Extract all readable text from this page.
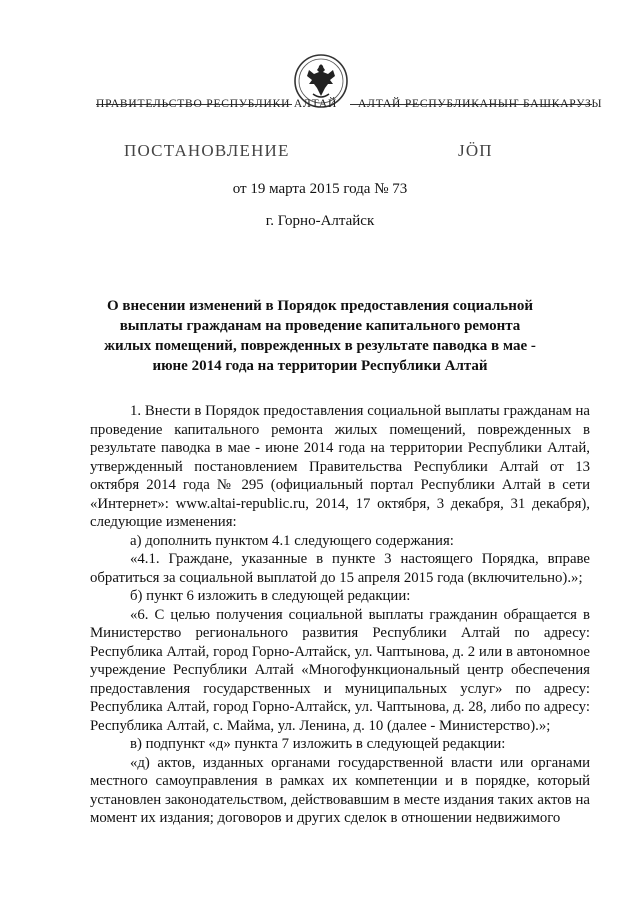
ПРАВИТЕЛЬСТВО РЕСПУБЛИКИ АЛТАЙ АЛТАЙ РЕСПУБЛИКАНЫҤ БАШКАРУЗЫ
ПОСТАНОВЛЕНИЕ	ЈÖП
от 19 марта 2015 года № 73
г. Горно-Алтайск
О внесении изменений в Порядок предоставления социальной выплаты гражданам на проведение капитального ремонта жилых помещений, поврежденных в результате паводка в мае - июне 2014 года на территории Республики Алтай

1. Внести в Порядок предоставления социальной выплаты гражданам на проведение капитального ремонта жилых помещений, поврежденных в результате паводка в мае - июне 2014 года на территории Республики Алтай, утвержденный постановлением Правительства Республики Алтай от 13 октября 2014 года № 295 (официальный портал Республики Алтай в сети «Интернет»: www.altai-republic.ru, 2014, 17 октября, 3 декабря, 31 декабря), следующие изменения:

а) дополнить пунктом 4.1 следующего содержания:

«4.1. Граждане, указанные в пункте 3 настоящего Порядка, вправе обратиться за социальной выплатой до 15 апреля 2015 года (включительно).»;

б) пункт 6 изложить в следующей редакции:

«6. С целью получения социальной выплаты гражданин обращается в Министерство регионального развития Республики Алтай по адресу: Республика Алтай, город Горно-Алтайск, ул. Чаптынова, д. 2 или в автономное учреждение Республики Алтай «Многофункциональный центр обеспечения предоставления государственных и муниципальных услуг» по адресу: Республика Алтай, город Горно-Алтайск, ул. Чаптынова, д. 28, либо по адресу: Республика Алтай, с. Майма, ул. Ленина, д. 10 (далее - Министерство).»;

в) подпункт «д» пункта 7 изложить в следующей редакции:

«д) актов, изданных органами государственной власти или органами местного самоуправления в рамках их компетенции и в порядке, который установлен законодательством, действовавшим в месте издания таких актов на момент их издания; договоров и других сделок в отношении недвижимого
